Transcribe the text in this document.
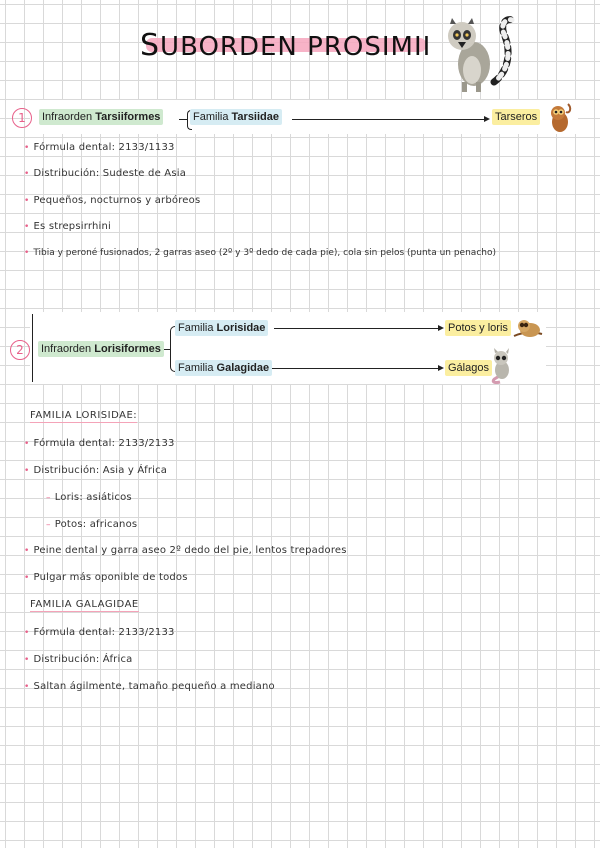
SUBORDEN PROSIMII
1	Infraorden Tarsiiformes	Familia Tarsiidae	Tarseros
• Fórmula dental: 2133/1133
• Distribución: Sudeste de Asia
• Pequeños, nocturnos y arbóreos
• Es strepsirrhini
• Tibia y peroné fusionados, 2 garras aseo (2º y 3º dedo de cada pie), cola sin pelos (punta un penacho)
2	Infraorden Lorisiformes
Familia Lorisidae	Potos y loris
Familia Galagidae	Gálagos
FAMILIA LORISIDAE:
• Fórmula dental: 2133/2133
• Distribución: Asia y África
– Loris: asiáticos
– Potos: africanos
• Peine dental y garra aseo 2º dedo del pie, lentos trepadores
• Pulgar más oponible de todos
FAMILIA GALAGIDAE
• Fórmula dental: 2133/2133
• Distribución: África
• Saltan ágilmente, tamaño pequeño a mediano
